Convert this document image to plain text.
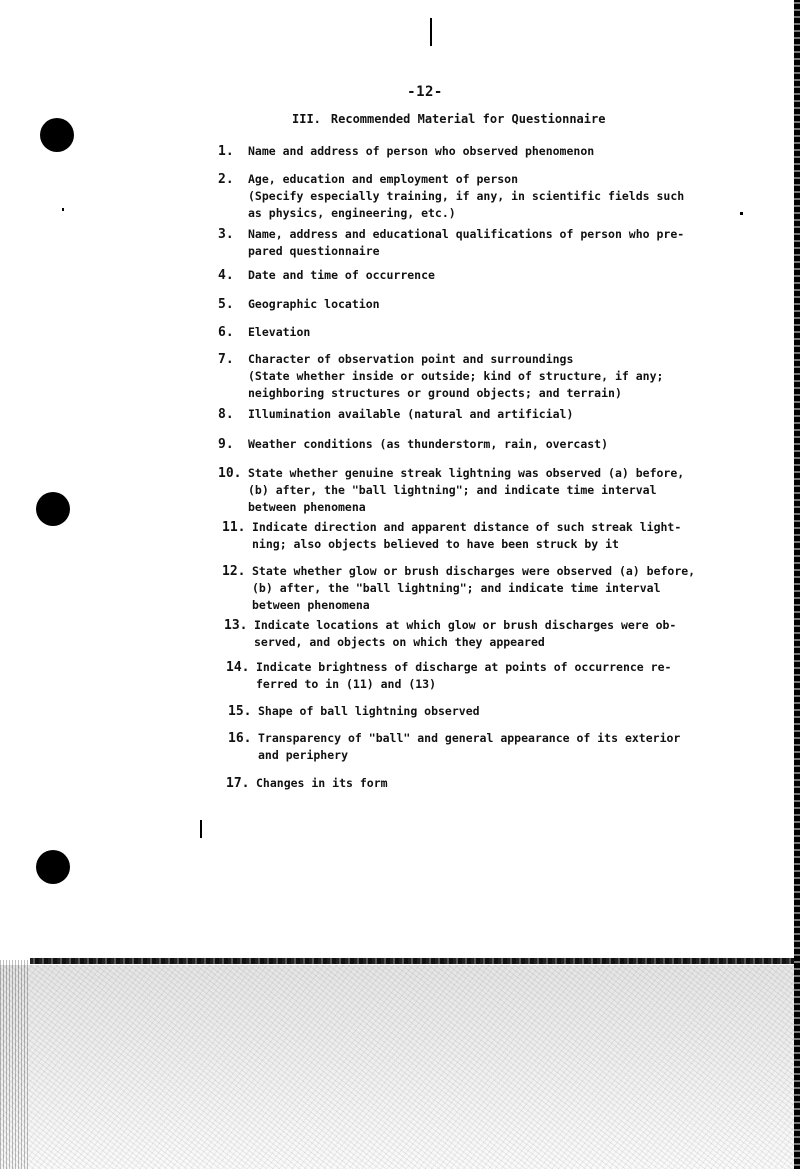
-12-
III. Recommended Material for Questionnaire
1.	Name and address of person who observed phenomenon
2.	Age, education and employment of person
(Specify especially training, if any, in scientific fields such
as physics, engineering, etc.)
3.	Name, address and educational qualifications of person who pre-
pared questionnaire
4.	Date and time of occurrence
5.	Geographic location
6.	Elevation
7.	Character of observation point and surroundings
(State whether inside or outside; kind of structure, if any;
neighboring structures or ground objects; and terrain)
8.	Illumination available (natural and artificial)
9.	Weather conditions (as thunderstorm, rain, overcast)
10. State whether genuine streak lightning was observed (a) before,
(b) after, the "ball lightning"; and indicate time interval
between phenomena
11. Indicate direction and apparent distance of such streak light-
ning; also objects believed to have been struck by it
12. State whether glow or brush discharges were observed (a) before,
(b) after, the "ball lightning"; and indicate time interval
between phenomena
13. Indicate locations at which glow or brush discharges were ob-
served, and objects on which they appeared
14. Indicate brightness of discharge at points of occurrence re-
ferred to in (11) and (13)
15. Shape of ball lightning observed
16. Transparency of "ball" and general appearance of its exterior
and periphery
17. Changes in its form
